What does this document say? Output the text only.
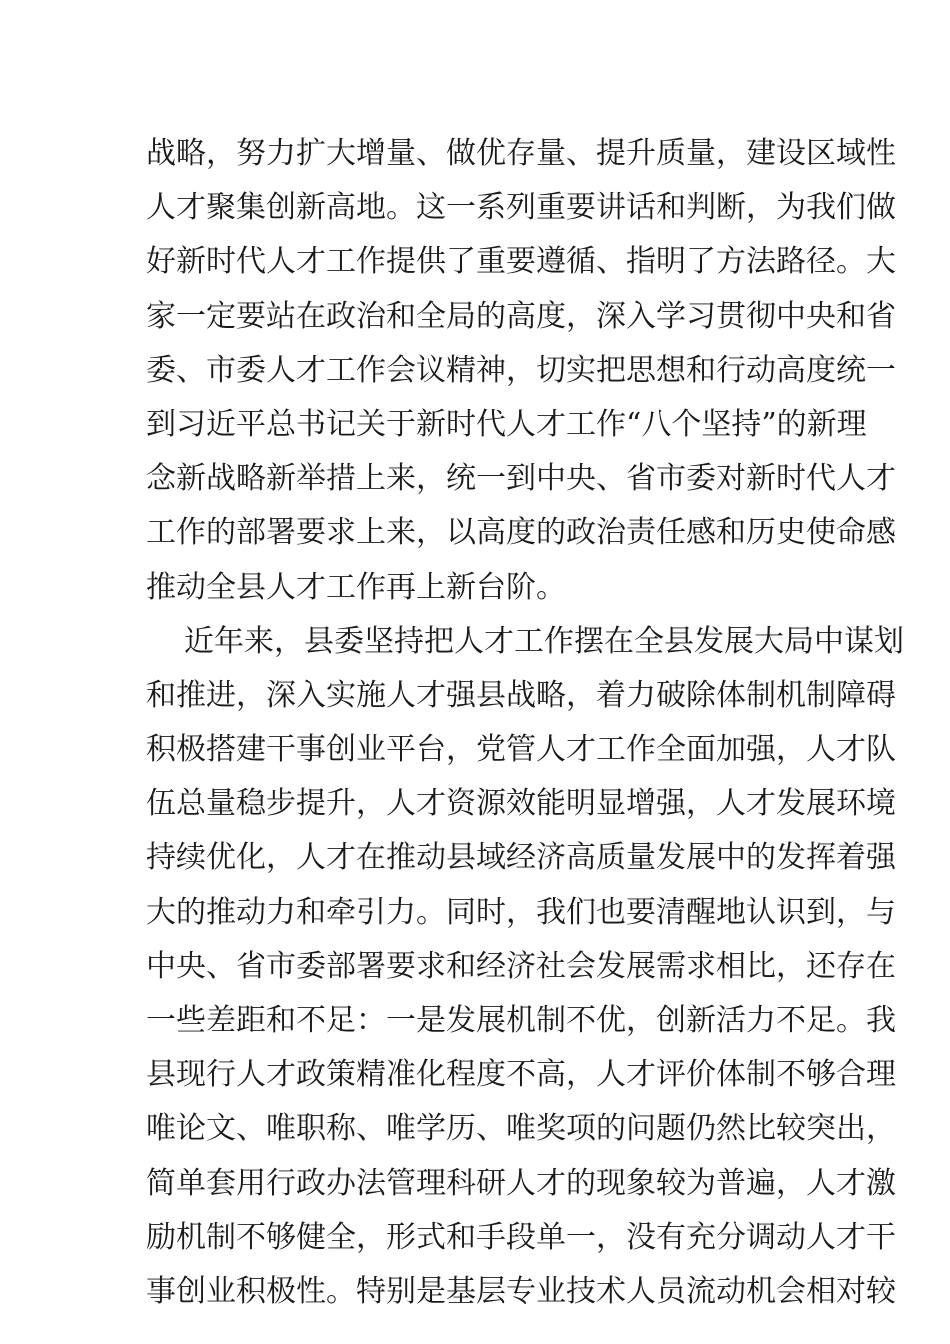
战略，努力扩大增量、做优存量、提升质量，建设区域性
人才聚集创新高地。这一系列重要讲话和判断，为我们做
好新时代人才工作提供了重要遵循、指明了方法路径。大
家一定要站在政治和全局的高度，深入学习贯彻中央和省
委、市委人才工作会议精神，切实把思想和行动高度统一
到习近平总书记关于新时代人才工作“八个坚持”的新理
念新战略新举措上来，统一到中央、省市委对新时代人才
工作的部署要求上来，以高度的政治责任感和历史使命感
推动全县人才工作再上新台阶。
近年来，县委坚持把人才工作摆在全县发展大局中谋划
和推进，深入实施人才强县战略，着力破除体制机制障碍
积极搭建干事创业平台，党管人才工作全面加强，人才队
伍总量稳步提升，人才资源效能明显增强，人才发展环境
持续优化，人才在推动县域经济高质量发展中的发挥着强
大的推动力和牵引力。同时，我们也要清醒地认识到，与
中央、省市委部署要求和经济社会发展需求相比，还存在
一些差距和不足：一是发展机制不优，创新活力不足。我
县现行人才政策精准化程度不高，人才评价体制不够合理
唯论文、唯职称、唯学历、唯奖项的问题仍然比较突出，
简单套用行政办法管理科研人才的现象较为普遍，人才激
励机制不够健全，形式和手段单一，没有充分调动人才干
事创业积极性。特别是基层专业技术人员流动机会相对较
